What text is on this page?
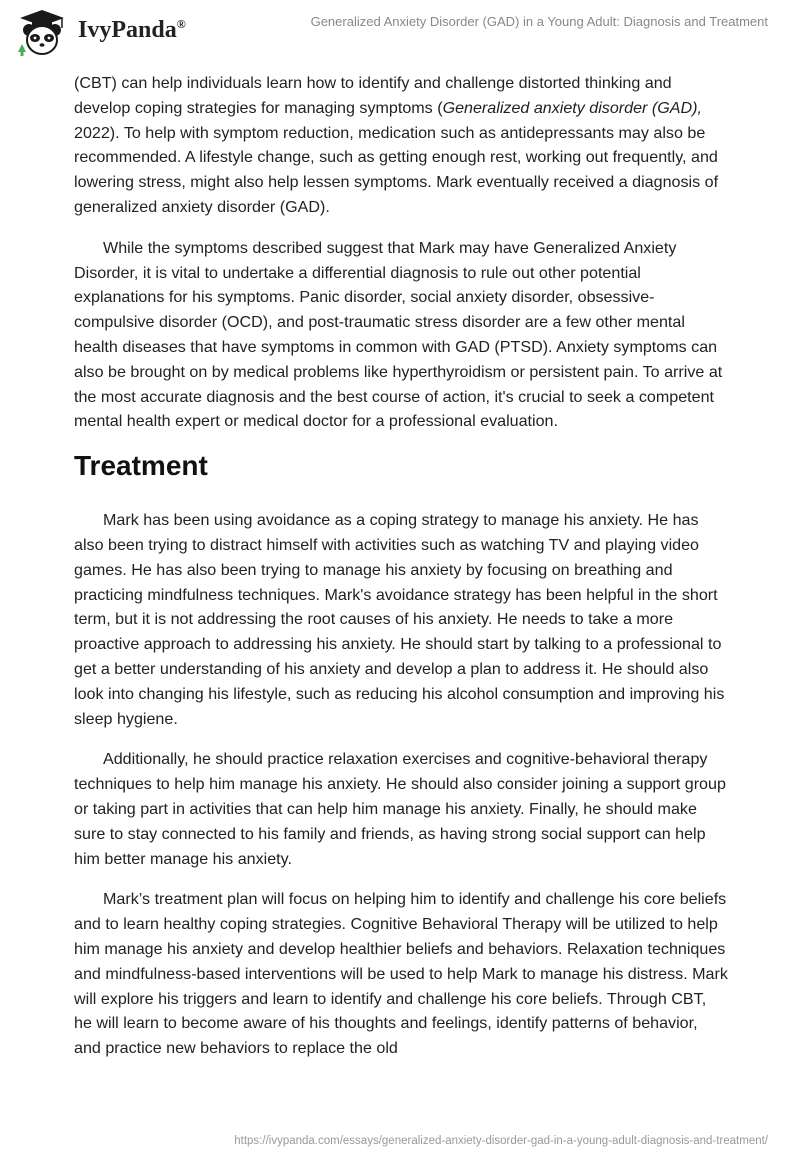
IvyPanda®	Generalized Anxiety Disorder (GAD) in a Young Adult: Diagnosis and Treatment

(CBT) can help individuals learn how to identify and challenge distorted thinking and develop coping strategies for managing symptoms (Generalized anxiety disorder (GAD), 2022). To help with symptom reduction, medication such as antidepressants may also be recommended. A lifestyle change, such as getting enough rest, working out frequently, and lowering stress, might also help lessen symptoms. Mark eventually received a diagnosis of generalized anxiety disorder (GAD).

While the symptoms described suggest that Mark may have Generalized Anxiety Disorder, it is vital to undertake a differential diagnosis to rule out other potential explanations for his symptoms. Panic disorder, social anxiety disorder, obsessive-compulsive disorder (OCD), and post-traumatic stress disorder are a few other mental health diseases that have symptoms in common with GAD (PTSD). Anxiety symptoms can also be brought on by medical problems like hyperthyroidism or persistent pain. To arrive at the most accurate diagnosis and the best course of action, it's crucial to seek a competent mental health expert or medical doctor for a professional evaluation.

Treatment

Mark has been using avoidance as a coping strategy to manage his anxiety. He has also been trying to distract himself with activities such as watching TV and playing video games. He has also been trying to manage his anxiety by focusing on breathing and practicing mindfulness techniques. Mark's avoidance strategy has been helpful in the short term, but it is not addressing the root causes of his anxiety. He needs to take a more proactive approach to addressing his anxiety. He should start by talking to a professional to get a better understanding of his anxiety and develop a plan to address it. He should also look into changing his lifestyle, such as reducing his alcohol consumption and improving his sleep hygiene.

Additionally, he should practice relaxation exercises and cognitive-behavioral therapy techniques to help him manage his anxiety. He should also consider joining a support group or taking part in activities that can help him manage his anxiety. Finally, he should make sure to stay connected to his family and friends, as having strong social support can help him better manage his anxiety.

Mark’s treatment plan will focus on helping him to identify and challenge his core beliefs and to learn healthy coping strategies. Cognitive Behavioral Therapy will be utilized to help him manage his anxiety and develop healthier beliefs and behaviors. Relaxation techniques and mindfulness-based interventions will be used to help Mark to manage his distress. Mark will explore his triggers and learn to identify and challenge his core beliefs. Through CBT, he will learn to become aware of his thoughts and feelings, identify patterns of behavior, and practice new behaviors to replace the old

https://ivypanda.com/essays/generalized-anxiety-disorder-gad-in-a-young-adult-diagnosis-and-treatment/
